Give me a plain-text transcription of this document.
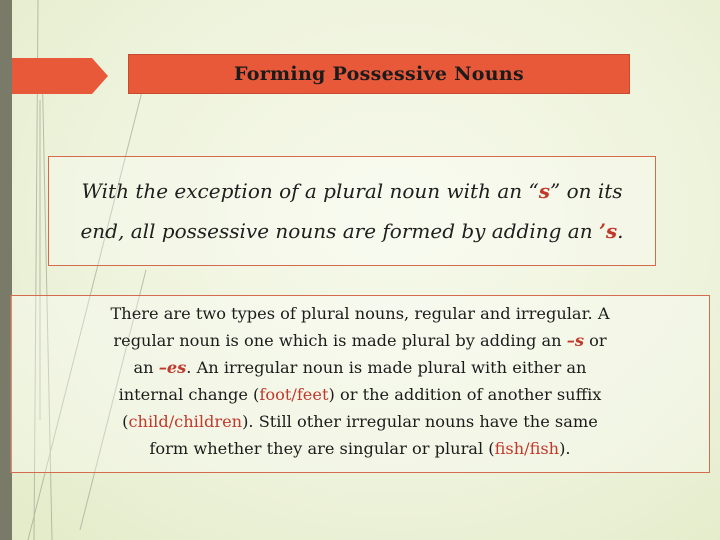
Forming Possessive Nouns
With the exception of a plural noun with an “s” on its
end, all possessive nouns are formed by adding an ’s.
There are two types of plural nouns, regular and irregular. A
regular noun is one which is made plural by adding an –s or
an –es. An irregular noun is made plural with either an
internal change (foot/feet) or the addition of another suffix
(child/children). Still other irregular nouns have the same
form whether they are singular or plural (fish/fish).
